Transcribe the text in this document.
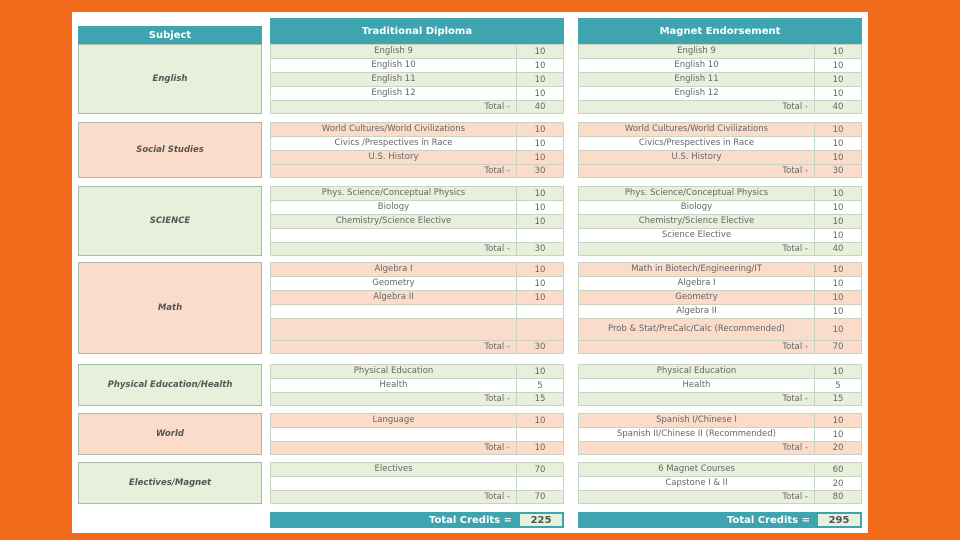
Subject	Traditional Diploma	Magnet Endorsement
English
English 9	10
English 10	10
English 11	10
English 12	10
Total -	40
English 9	10
English 10	10
English 11	10
English 12	10
Total -	40
Social Studies
World Cultures/World Civilizations	10
Civics /Prespectives in Race	10
U.S. History	10
Total -	30
World Cultures/World Civilizations	10
Civics/Prespectives in Race	10
U.S. History	10
Total -	30
SCIENCE
Phys. Science/Conceptual Physics	10
Biology	10
Chemistry/Science Elective	10
Total -	30
Phys. Science/Conceptual Physics	10
Biology	10
Chemistry/Science Elective	10
Science Elective	10
Total -	40
Math
Algebra I	10
Geometry	10
Algebra II	10
Total -	30
Math in Biotech/Engineering/IT	10
Algebra I	10
Geometry	10
Algebra II	10
Prob & Stat/PreCalc/Calc (Recommended)	10
Total -	70
Physical Education/Health
Physical Education	10
Health	5
Total -	15
Physical Education	10
Health	5
Total -	15
World
Language	10
Total -	10
Spanish I/Chinese I	10
Spanish II/Chinese II (Recommended)	10
Total -	20
Electives/Magnet
Electives	70
Total -	70
6 Magnet Courses	60
Capstone I & II	20
Total -	80
Total Credits =	225	Total Credits =	295
